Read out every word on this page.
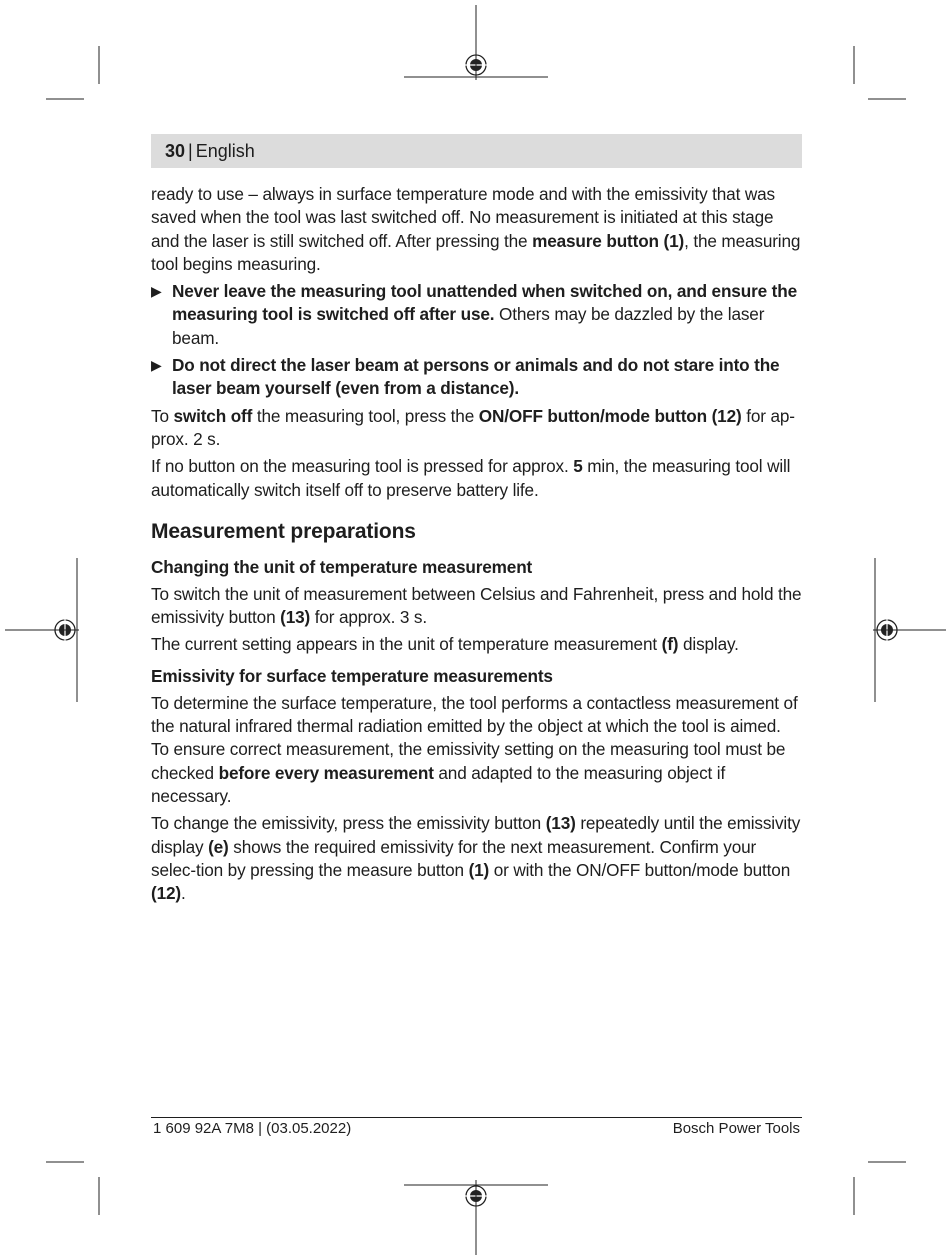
30 | English

ready to use – always in surface temperature mode and with the emissivity that was saved when the tool was last switched off. No measurement is initiated at this stage and the laser is still switched off. After pressing the measure button (1), the measuring tool begins measuring.

▶ Never leave the measuring tool unattended when switched on, and ensure the measuring tool is switched off after use. Others may be dazzled by the laser beam.
▶ Do not direct the laser beam at persons or animals and do not stare into the laser beam yourself (even from a distance).

To switch off the measuring tool, press the ON/OFF button/mode button (12) for ap-prox. 2 s.

If no button on the measuring tool is pressed for approx. 5 min, the measuring tool will automatically switch itself off to preserve battery life.

Measurement preparations
Changing the unit of temperature measurement

To switch the unit of measurement between Celsius and Fahrenheit, press and hold the emissivity button (13) for approx. 3 s.

The current setting appears in the unit of temperature measurement (f) display.

Emissivity for surface temperature measurements

To determine the surface temperature, the tool performs a contactless measurement of the natural infrared thermal radiation emitted by the object at which the tool is aimed. To ensure correct measurement, the emissivity setting on the measuring tool must be checked before every measurement and adapted to the measuring object if necessary.

To change the emissivity, press the emissivity button (13) repeatedly until the emissivity display (e) shows the required emissivity for the next measurement. Confirm your selec-tion by pressing the measure button (1) or with the ON/OFF button/mode button (12).

1 609 92A 7M8 | (03.05.2022)	Bosch Power Tools
